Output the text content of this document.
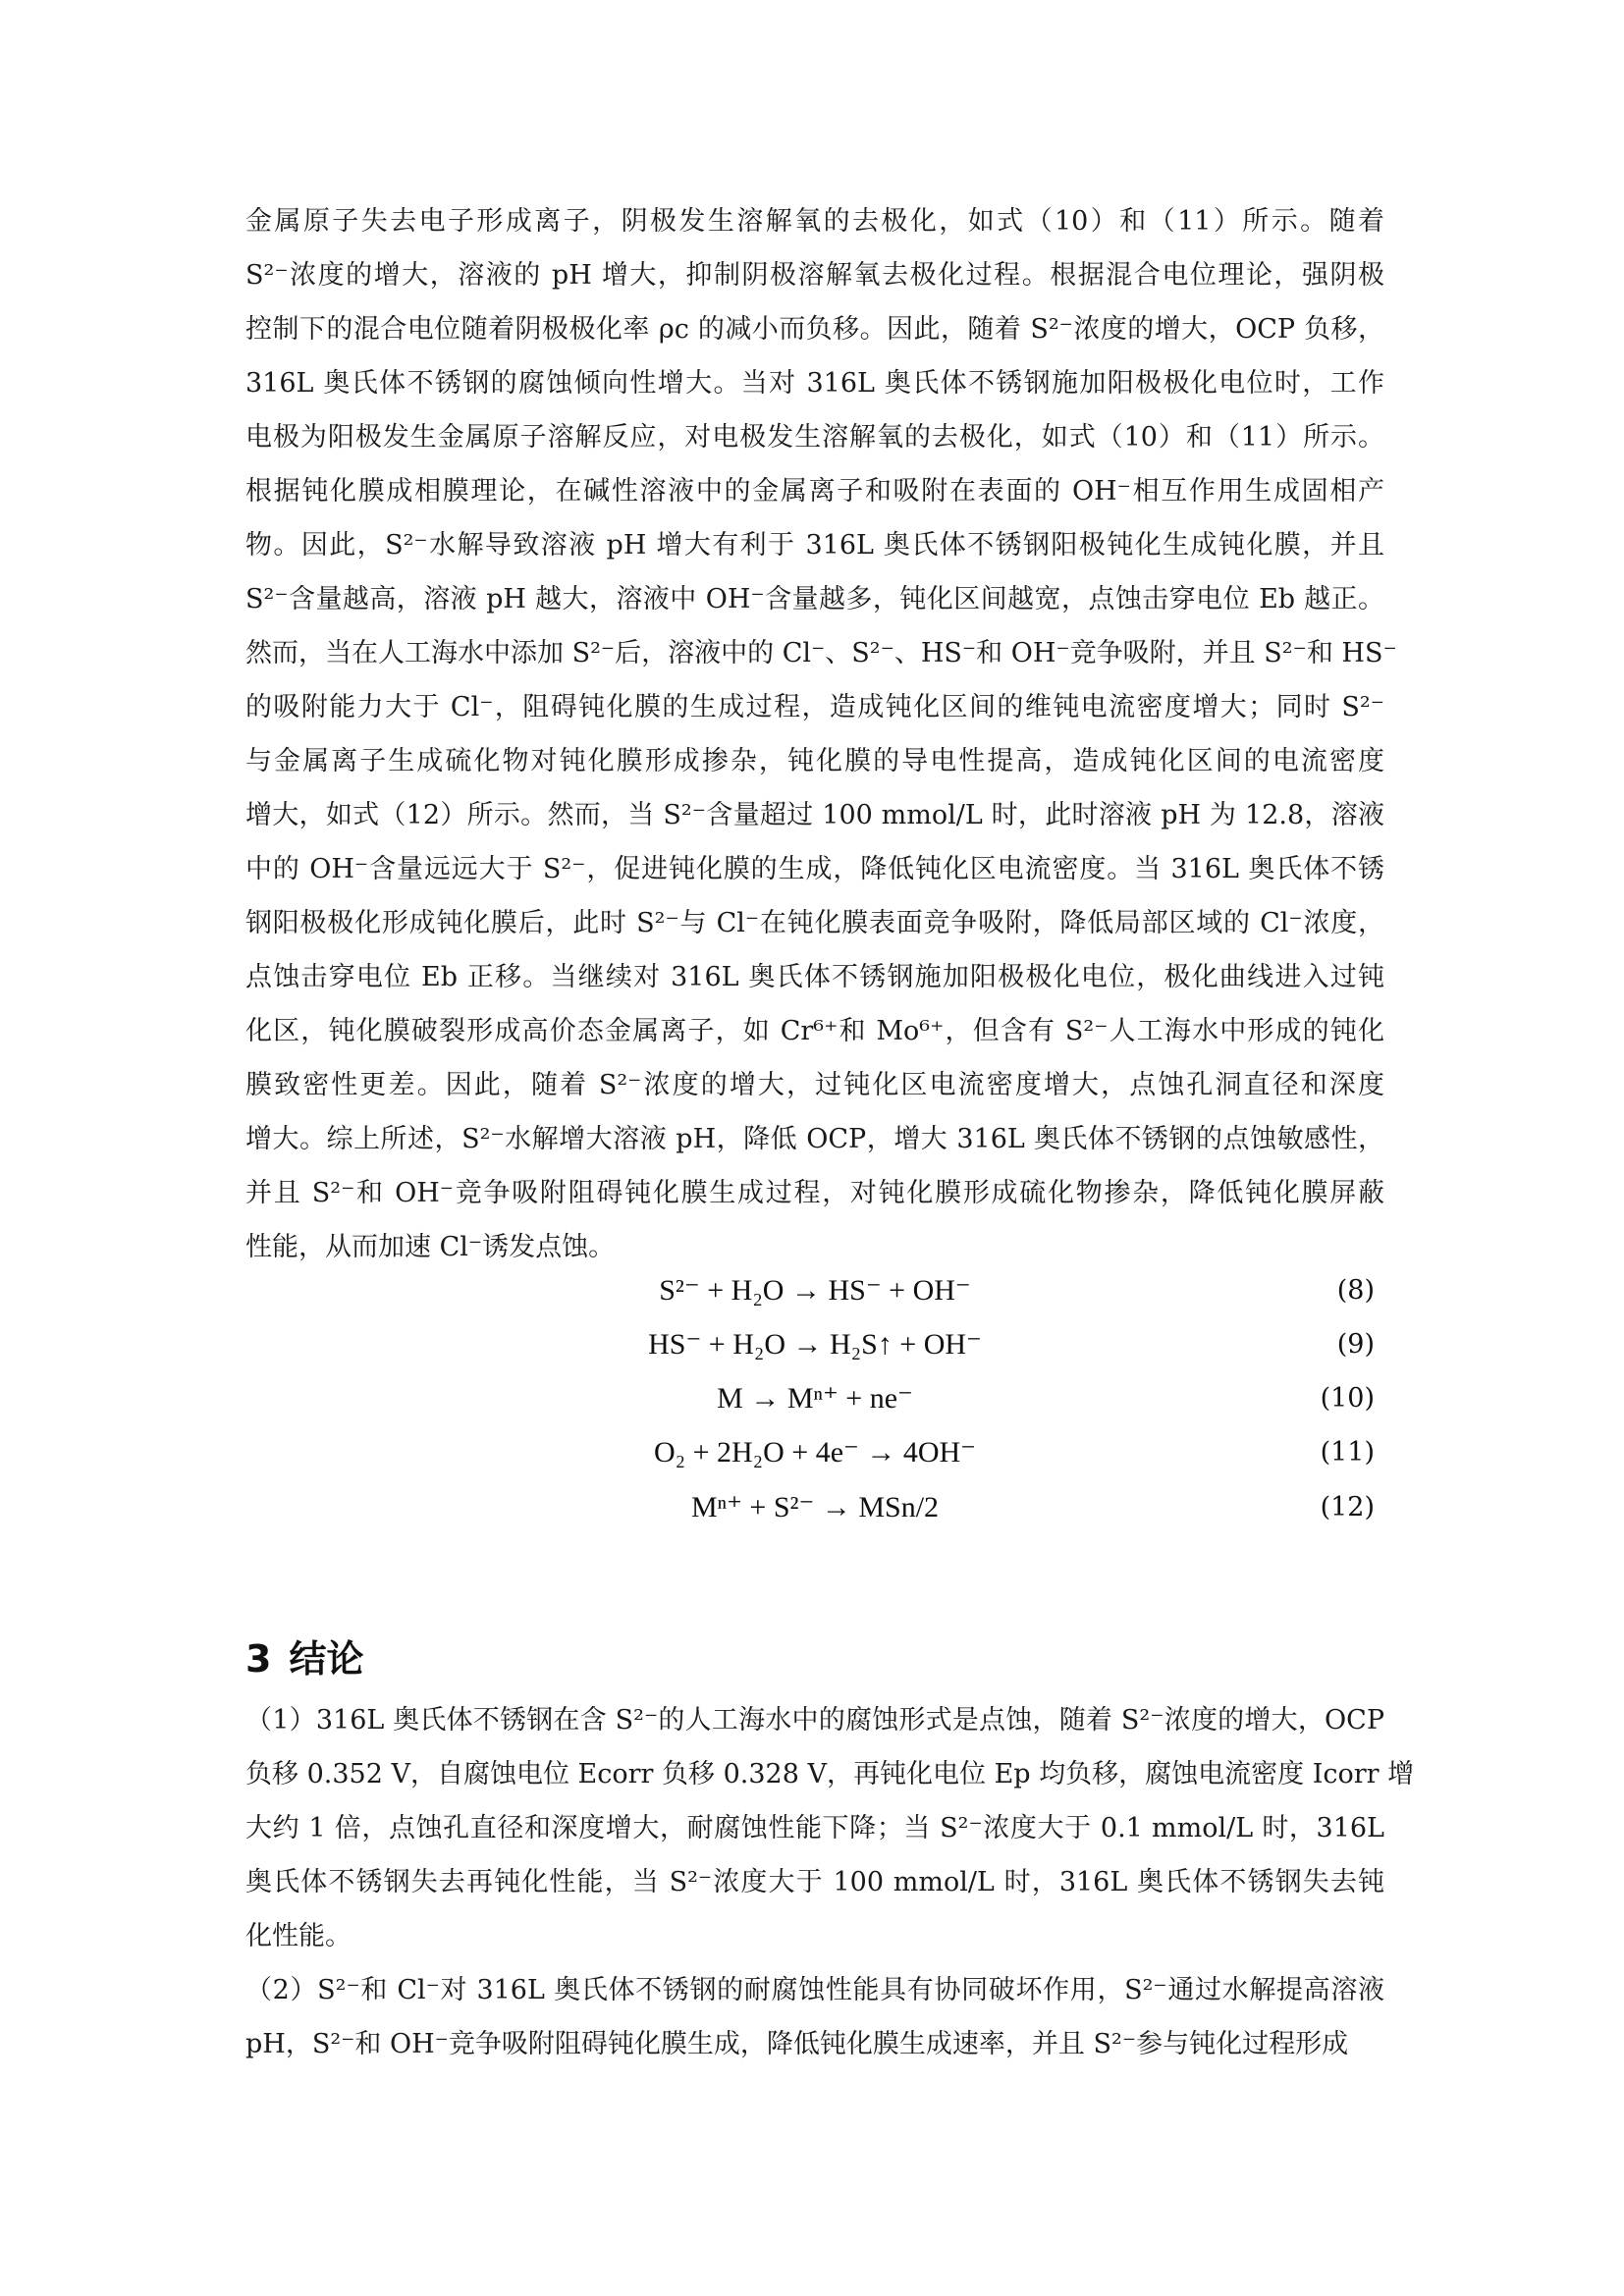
金属原子失去电子形成离子，阴极发生溶解氧的去极化，如式（10）和（11）所示。随着
S²⁻浓度的增大，溶液的 pH 增大，抑制阴极溶解氧去极化过程。根据混合电位理论，强阴极
控制下的混合电位随着阴极极化率 ρc 的减小而负移。因此，随着 S²⁻浓度的增大，OCP 负移，
316L 奥氏体不锈钢的腐蚀倾向性增大。当对 316L 奥氏体不锈钢施加阳极极化电位时，工作
电极为阳极发生金属原子溶解反应，对电极发生溶解氧的去极化，如式（10）和（11）所示。
根据钝化膜成相膜理论，在碱性溶液中的金属离子和吸附在表面的 OH⁻相互作用生成固相产
物。因此，S²⁻水解导致溶液 pH 增大有利于 316L 奥氏体不锈钢阳极钝化生成钝化膜，并且
S²⁻含量越高，溶液 pH 越大，溶液中 OH⁻含量越多，钝化区间越宽，点蚀击穿电位 Eb 越正。
然而，当在人工海水中添加 S²⁻后，溶液中的 Cl⁻、S²⁻、HS⁻和 OH⁻竞争吸附，并且 S²⁻和 HS⁻
的吸附能力大于 Cl⁻，阻碍钝化膜的生成过程，造成钝化区间的维钝电流密度增大；同时 S²⁻
与金属离子生成硫化物对钝化膜形成掺杂，钝化膜的导电性提高，造成钝化区间的电流密度
增大，如式（12）所示。然而，当 S²⁻含量超过 100 mmol/L 时，此时溶液 pH 为 12.8，溶液
中的 OH⁻含量远远大于 S²⁻，促进钝化膜的生成，降低钝化区电流密度。当 316L 奥氏体不锈
钢阳极极化形成钝化膜后，此时 S²⁻与 Cl⁻在钝化膜表面竞争吸附，降低局部区域的 Cl⁻浓度，
点蚀击穿电位 Eb 正移。当继续对 316L 奥氏体不锈钢施加阳极极化电位，极化曲线进入过钝
化区，钝化膜破裂形成高价态金属离子，如 Cr⁶⁺和 Mo⁶⁺，但含有 S²⁻人工海水中形成的钝化
膜致密性更差。因此，随着 S²⁻浓度的增大，过钝化区电流密度增大，点蚀孔洞直径和深度
增大。综上所述，S²⁻水解增大溶液 pH，降低 OCP，增大 316L 奥氏体不锈钢的点蚀敏感性，
并且 S²⁻和 OH⁻竞争吸附阻碍钝化膜生成过程，对钝化膜形成硫化物掺杂，降低钝化膜屏蔽
性能，从而加速 Cl⁻诱发点蚀。
S²⁻ + H₂O → HS⁻ + OH⁻	(8)
HS⁻ + H₂O → H₂S↑ + OH⁻	(9)
M → Mⁿ⁺ + ne⁻	(10)
O₂ + 2H₂O + 4e⁻ → 4OH⁻	(11)
Mⁿ⁺ + S²⁻ → MSn/2	(12)
3 结论
（1）316L 奥氏体不锈钢在含 S²⁻的人工海水中的腐蚀形式是点蚀，随着 S²⁻浓度的增大，OCP
负移 0.352 V，自腐蚀电位 Ecorr 负移 0.328 V，再钝化电位 Ep 均负移，腐蚀电流密度 Icorr 增
大约 1 倍，点蚀孔直径和深度增大，耐腐蚀性能下降；当 S²⁻浓度大于 0.1 mmol/L 时，316L
奥氏体不锈钢失去再钝化性能，当 S²⁻浓度大于 100 mmol/L 时，316L 奥氏体不锈钢失去钝
化性能。
（2）S²⁻和 Cl⁻对 316L 奥氏体不锈钢的耐腐蚀性能具有协同破坏作用，S²⁻通过水解提高溶液
pH，S²⁻和 OH⁻竞争吸附阻碍钝化膜生成，降低钝化膜生成速率，并且 S²⁻参与钝化过程形成
